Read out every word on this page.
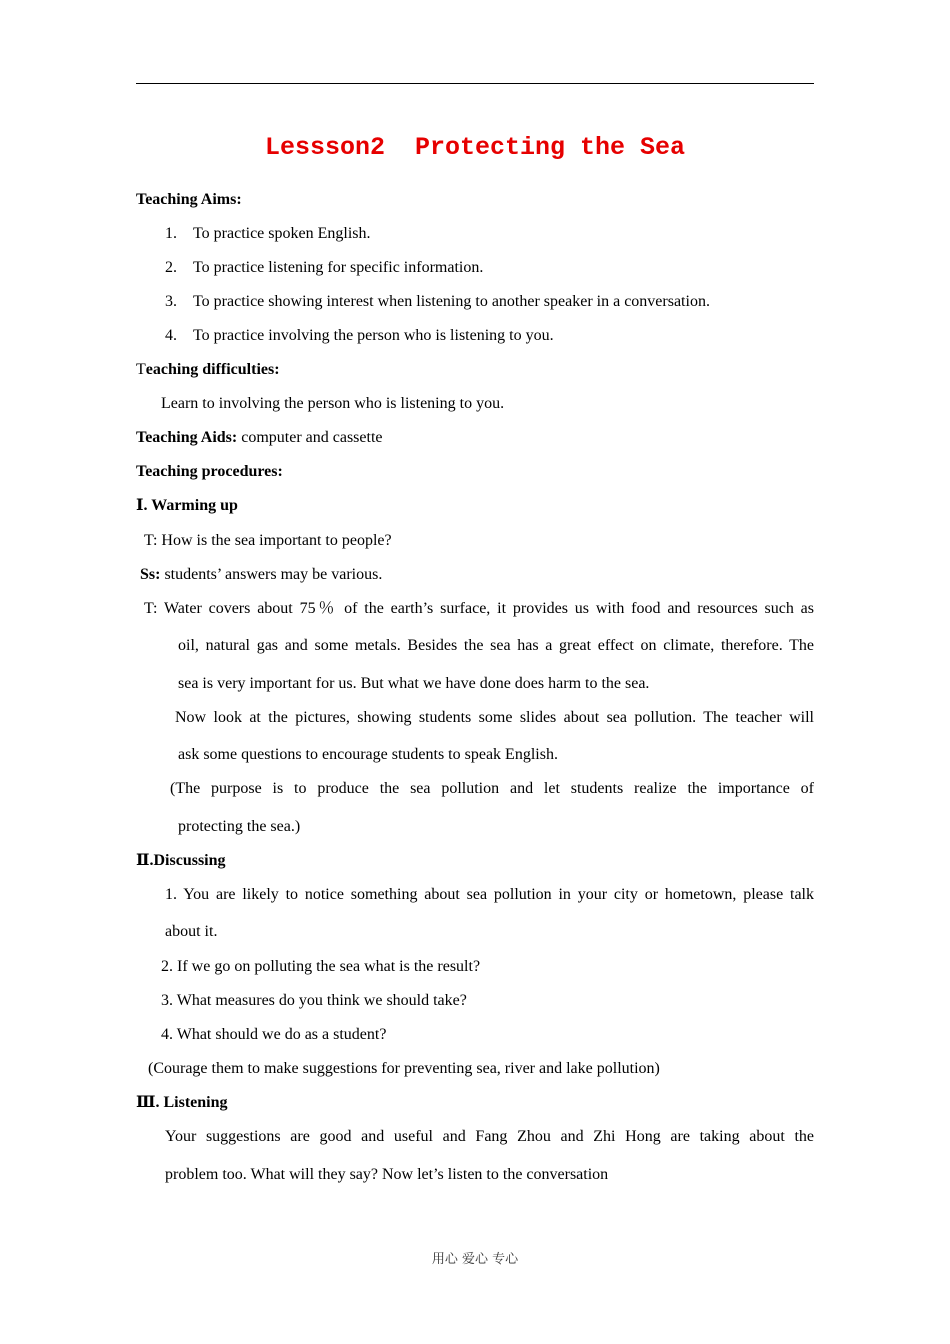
Lessson2  Protecting the Sea
Teaching Aims:
1. To practice spoken English.
2. To practice listening for specific information.
3. To practice showing interest when listening to another speaker in a conversation.
4. To practice involving the person who is listening to you.
Teaching difficulties:
Learn to involving the person who is listening to you.
Teaching Aids: computer and cassette
Teaching procedures:
Ⅰ. Warming up
T: How is the sea important to people?
Ss: students’ answers may be various.
T: Water covers about 75％ of the earth’s surface, it provides us with food and resources such as
oil, natural gas and some metals. Besides the sea has a great effect on climate, therefore. The
sea is very important for us. But what we have done does harm to the sea.
Now look at the pictures, showing students some slides about sea pollution. The teacher will
ask some questions to encourage students to speak English.
(The purpose is to produce the sea pollution and let students realize the importance of
protecting the sea.)
Ⅱ.Discussing
1. You are likely to notice something about sea pollution in your city or hometown, please talk
about it.
2. If we go on polluting the sea what is the result?
3. What measures do you think we should take?
4. What should we do as a student?
(Courage them to make suggestions for preventing sea, river and lake pollution)
Ⅲ. Listening
Your suggestions are good and useful and Fang Zhou and Zhi Hong are taking about the
problem too. What will they say? Now let’s listen to the conversation
用心 爱心 专心
